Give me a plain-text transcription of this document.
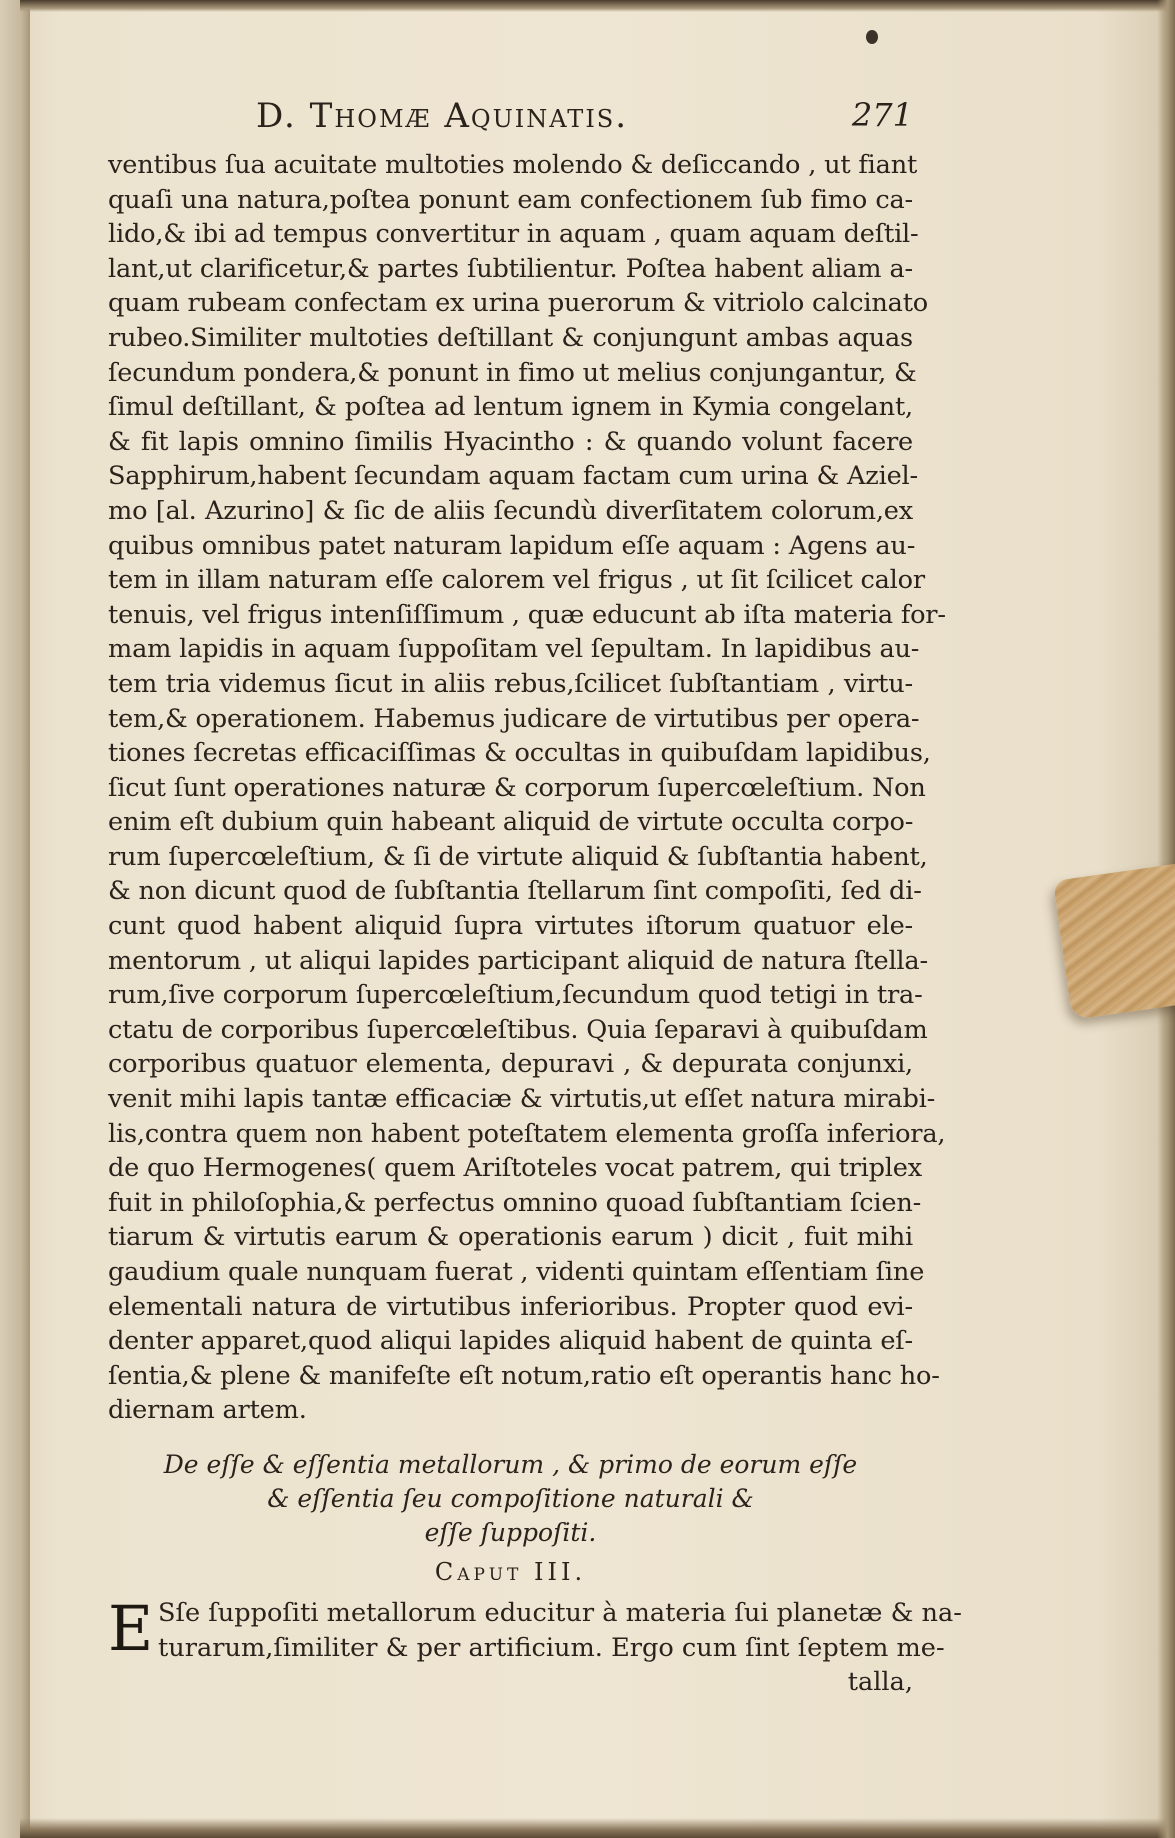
D. Thomæ Aquinatis.	271
ventibus ſua acuitate multoties molendo & deſiccando , ut fiant
quaſi una natura,poſtea ponunt eam confectionem ſub fimo ca-
lido,& ibi ad tempus convertitur in aquam , quam aquam deſtil-
lant,ut clarificetur,& partes ſubtilientur. Poſtea habent aliam a-
quam rubeam confectam ex urina puerorum & vitriolo calcinato
rubeo.Similiter multoties deſtillant & conjungunt ambas aquas
ſecundum pondera,& ponunt in fimo ut melius conjungantur, &
ſimul deſtillant, & poſtea ad lentum ignem in Kymia congelant,
& fit lapis omnino ſimilis Hyacintho : & quando volunt facere
Sapphirum,habent ſecundam aquam factam cum urina & Aziel-
mo [al. Azurino] & ſic de aliis ſecundù diverſitatem colorum,ex
quibus omnibus patet naturam lapidum eſſe aquam : Agens au-
tem in illam naturam eſſe calorem vel frigus , ut ſit ſcilicet calor
tenuis, vel frigus intenſiſſimum , quæ educunt ab iſta materia for-
mam lapidis in aquam ſuppoſitam vel ſepultam. In lapidibus au-
tem tria videmus ſicut in aliis rebus,ſcilicet ſubſtantiam , virtu-
tem,& operationem. Habemus judicare de virtutibus per opera-
tiones ſecretas efficaciſſimas & occultas in quibuſdam lapidibus,
ſicut ſunt operationes naturæ & corporum ſupercœleſtium. Non
enim eſt dubium quin habeant aliquid de virtute occulta corpo-
rum ſupercœleſtium, & ſi de virtute aliquid & ſubſtantia habent,
& non dicunt quod de ſubſtantia ſtellarum ſint compoſiti, ſed di-
cunt quod habent aliquid ſupra virtutes iſtorum quatuor ele-
mentorum , ut aliqui lapides participant aliquid de natura ſtella-
rum,ſive corporum ſupercœleſtium,ſecundum quod tetigi in tra-
ctatu de corporibus ſupercœleſtibus. Quia ſeparavi à quibuſdam
corporibus quatuor elementa, depuravi , & depurata conjunxi,
venit mihi lapis tantæ efficaciæ & virtutis,ut eſſet natura mirabi-
lis,contra quem non habent poteſtatem elementa groſſa inferiora,
de quo Hermogenes( quem Ariſtoteles vocat patrem, qui triplex
fuit in philoſophia,& perfectus omnino quoad ſubſtantiam ſcien-
tiarum & virtutis earum & operationis earum ) dicit , fuit mihi
gaudium quale nunquam fuerat , videnti quintam eſſentiam ſine
elementali natura de virtutibus inferioribus. Propter quod evi-
denter apparet,quod aliqui lapides aliquid habent de quinta eſ-
ſentia,& plene & manifeſte eſt notum,ratio eſt operantis hanc ho-
diernam artem.
De eſſe & eſſentia metallorum , & primo de eorum eſſe
& eſſentia ſeu compoſitione naturali &
eſſe ſuppoſiti.
Caput III.
E Sſe ſuppoſiti metallorum educitur à materia ſui planetæ & na-
turarum,ſimiliter & per artificium. Ergo cum ſint ſeptem me-
talla,
